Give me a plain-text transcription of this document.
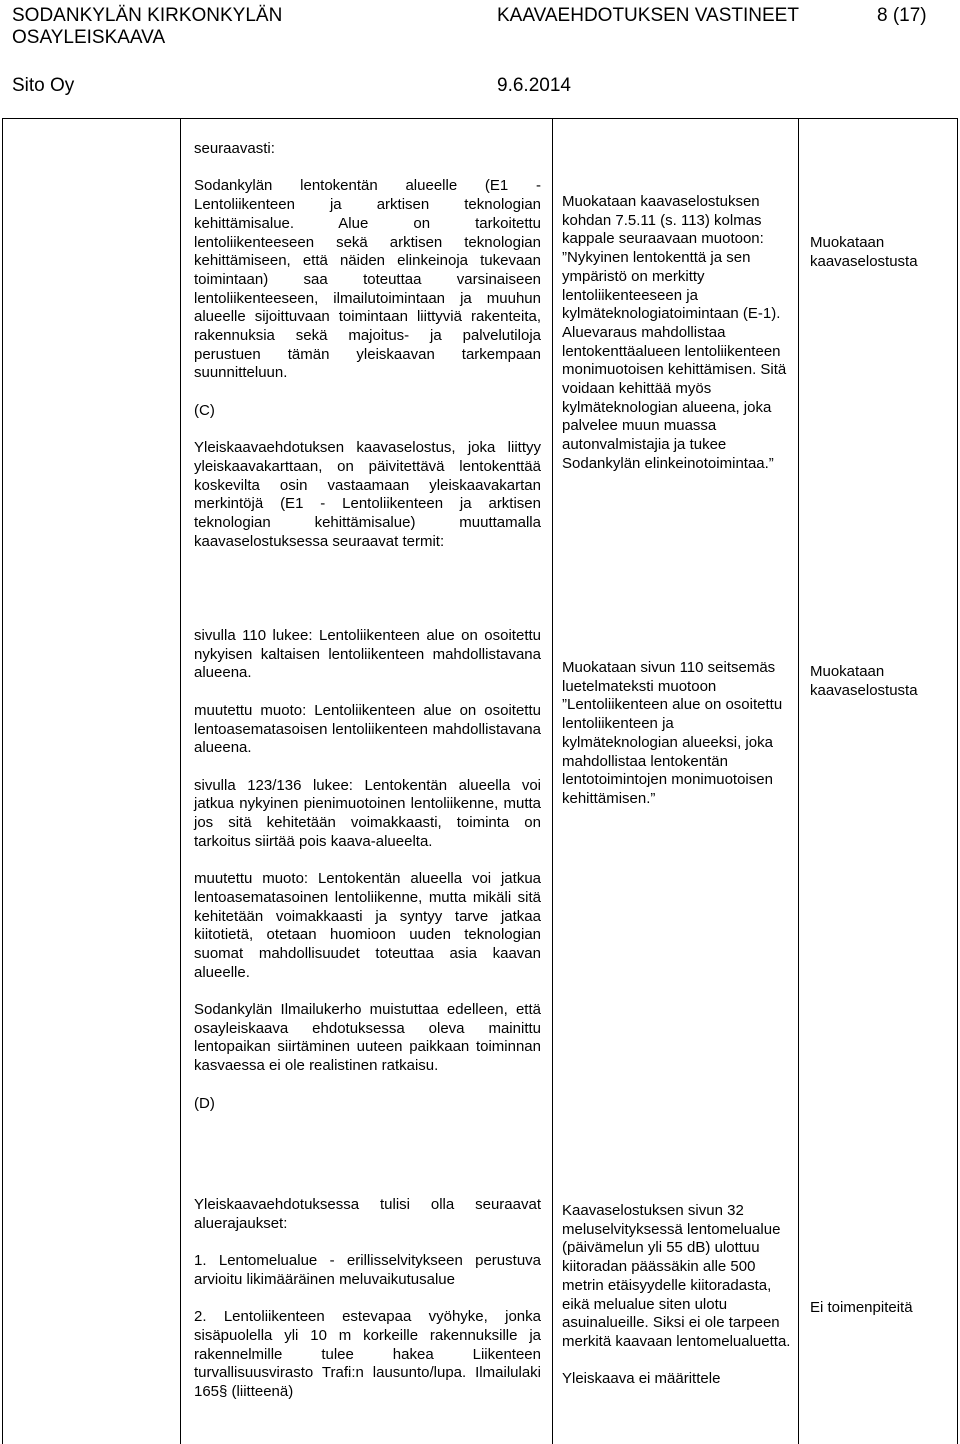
SODANKYLÄN KIRKONKYLÄN
OSAYLEISKAAVA
KAAVAEHDOTUKSEN VASTINEET	8 (17)
Sito Oy	9.6.2014

seuraavasti:

Sodankylän lentokentän alueelle (E1 - Lentoliikenteen ja arktisen teknologian kehittämisalue. Alue on tarkoitettu lentoliikenteeseen sekä arktisen teknologian kehittämiseen, että näiden elinkeinoja tukevaan toimintaan) saa toteuttaa varsinaiseen lentoliikenteeseen, ilmailutoimintaan ja muuhun alueelle sijoittuvaan toimintaan liittyviä rakenteita, rakennuksia sekä majoitus- ja palvelutiloja perustuen tämän yleiskaavan tarkempaan suunnitteluun.

(C)

Yleiskaavaehdotuksen kaavaselostus, joka liittyy yleiskaavakarttaan, on päivitettävä lentokenttää koskevilta osin vastaamaan yleiskaavakartan merkintöjä (E1 - Lentoliikenteen ja arktisen teknologian kehittämisalue) muuttamalla kaavaselostuksessa seuraavat termit:

sivulla 110 lukee: Lentoliikenteen alue on osoitettu nykyisen kaltaisen lentoliikenteen mahdollistavana alueena.

muutettu muoto: Lentoliikenteen alue on osoitettu lentoasematasoisen lentoliikenteen mahdollistavana alueena.

sivulla 123/136 lukee: Lentokentän alueella voi jatkua nykyinen pienimuotoinen lentoliikenne, mutta jos sitä kehitetään voimakkaasti, toiminta on tarkoitus siirtää pois kaava-alueelta.

muutettu muoto: Lentokentän alueella voi jatkua lentoasematasoinen lentoliikenne, mutta mikäli sitä kehitetään voimakkaasti ja syntyy tarve jatkaa kiitotietä, otetaan huomioon uuden teknologian suomat mahdollisuudet toteuttaa asia kaavan alueelle.

Sodankylän Ilmailukerho muistuttaa edelleen, että osayleiskaava ehdotuksessa oleva mainittu lentopaikan siirtäminen uuteen paikkaan toiminnan kasvaessa ei ole realistinen ratkaisu.

(D)

Yleiskaavaehdotuksessa tulisi olla seuraavat aluerajaukset:

1. Lentomelualue - erillisselvitykseen perustuva arvioitu likimääräinen meluvaikutusalue

2. Lentoliikenteen estevapaa vyöhyke, jonka sisäpuolella yli 10 m korkeille rakennuksille ja rakennelmille tulee hakea Liikenteen turvallisuusvirasto Trafi:n lausunto/lupa. Ilmailulaki 165§ (liitteenä)

Muokataan kaavaselostuksen kohdan 7.5.11 (s. 113) kolmas kappale seuraavaan muotoon: ”Nykyinen lentokenttä ja sen ympäristö on merkitty lentoliikenteeseen ja kylmäteknologiatoimintaan (E-1). Aluevaraus mahdollistaa lentokenttäalueen lentoliikenteen monimuotoisen kehittämisen. Sitä voidaan kehittää myös kylmäteknologian alueena, joka palvelee muun muassa autonvalmistajia ja tukee Sodankylän elinkeinotoimintaa.”

Muokataan sivun 110 seitsemäs luetelmateksti muotoon ”Lentoliikenteen alue on osoitettu lentoliikenteen ja kylmäteknologian alueeksi, joka mahdollistaa lentokentän lentotoimintojen monimuotoisen kehittämisen.”

Kaavaselostuksen sivun 32 meluselvityksessä lentomelualue (päivämelun yli 55 dB) ulottuu kiitoradan päässäkin alle 500 metrin etäisyydelle kiitoradasta, eikä melualue siten ulotu asuinalueille. Siksi ei ole tarpeen merkitä kaavaan lentomelualuetta.

Yleiskaava ei määrittele

Muokataan kaavaselostusta

Muokataan kaavaselostusta

Ei toimenpiteitä
